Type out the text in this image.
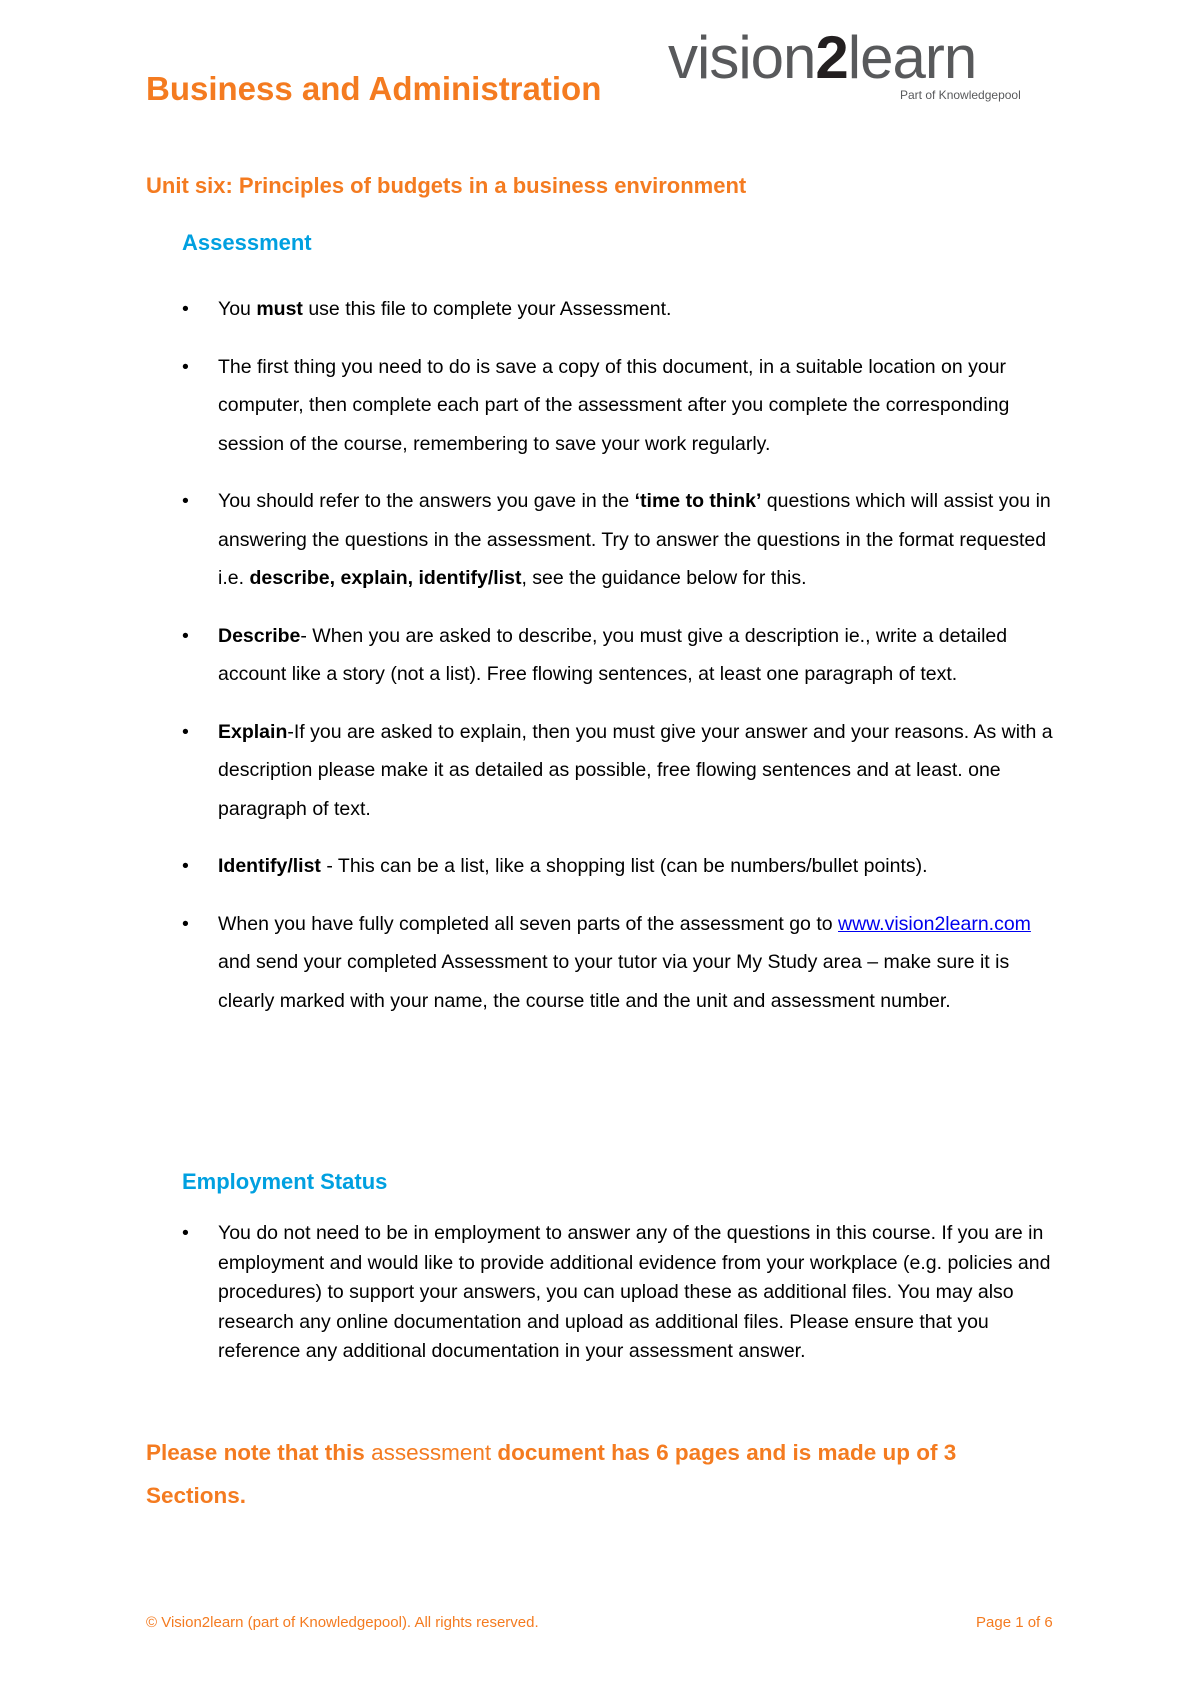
Business and Administration vision2learn
Part of Knowledgepool
Unit six: Principles of budgets in a business environment
Assessment
• You must use this file to complete your Assessment.
• The first thing you need to do is save a copy of this document, in a suitable location on your computer, then complete each part of the assessment after you complete the corresponding session of the course, remembering to save your work regularly.
• You should refer to the answers you gave in the ‘time to think’ questions which will assist you in answering the questions in the assessment. Try to answer the questions in the format requested i.e. describe, explain, identify/list, see the guidance below for this.
• Describe- When you are asked to describe, you must give a description ie., write a detailed account like a story (not a list). Free flowing sentences, at least one paragraph of text.
• Explain-If you are asked to explain, then you must give your answer and your reasons. As with a description please make it as detailed as possible, free flowing sentences and at least. one paragraph of text.
• Identify/list - This can be a list, like a shopping list (can be numbers/bullet points).
• When you have fully completed all seven parts of the assessment go to www.vision2learn.com and send your completed Assessment to your tutor via your My Study area – make sure it is clearly marked with your name, the course title and the unit and assessment number.
Employment Status
• You do not need to be in employment to answer any of the questions in this course. If you are in employment and would like to provide additional evidence from your workplace (e.g. policies and procedures) to support your answers, you can upload these as additional files. You may also research any online documentation and upload as additional files. Please ensure that you reference any additional documentation in your assessment answer.
Please note that this assessment document has 6 pages and is made up of 3 Sections.
© Vision2learn (part of Knowledgepool). All rights reserved.	Page 1 of 6
